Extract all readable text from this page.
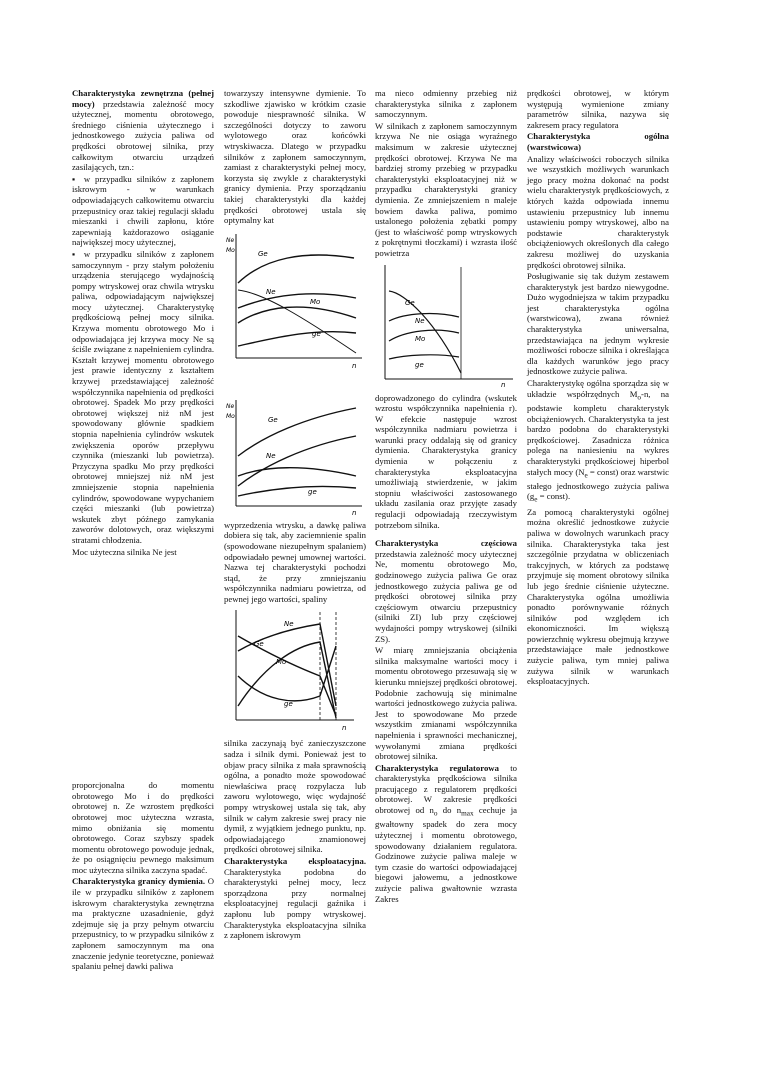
Charakterystyka zewnętrzna (pełnej mocy) przedstawia zależność mocy użytecznej, momentu obrotowego, średniego ciśnienia użytecznego i jednostkowego zużycia paliwa od prędkości obrotowej silnika, przy całkowitym otwarciu urządzeń zasilających, tzn.:

▪ w przypadku silników z zapłonem iskrowym - w warunkach odpowiadających całkowitemu otwarciu przepustnicy oraz takiej regulacji składu mieszanki i chwili zapłonu, które zapewniają każdorazowo osiąganie największej mocy użytecznej,

▪ w przypadku silników z zapłonem samoczynnym - przy stałym położeniu urządzenia sterującego wydajnością pompy wtryskowej oraz chwila wtrysku paliwa, odpowiadającym największej mocy użytecznej. Charakterystykę prędkościową pełnej mocy silnika. Krzywa momentu obrotowego Mo i odpowiadająca jej krzywa mocy Ne są ściśle związane z napełnieniem cylindra. Kształt krzywej momentu obrotowego jest prawie identyczny z kształtem krzywej przedstawiającej zależność współczynnika napełnienia od prędkości obrotowej. Spadek Mo przy prędkości obrotowej większej niż nM jest spowodowany głównie spadkiem stopnia napełnienia cylindrów wskutek zwiększenia oporów przepływu czynnika (mieszanki lub powietrza). Przyczyna spadku Mo przy prędkości obrotowej mniejszej niż nM jest zmniejszenie stopnia napełnienia cylindrów, spowodowane wypychaniem części mieszanki (lub powietrza) wskutek zbyt późnego zamykania zaworów dolotowych, oraz większymi stratami chłodzenia.

Moc użyteczna silnika Ne jest

proporcjonalna do momentu obrotowego Mo i do prędkości obrotowej n. Ze wzrostem prędkości obrotowej moc użyteczna wzrasta, mimo obniżania się momentu obrotowego. Coraz szybszy spadek momentu obrotowego powoduje jednak, że po osiągnięciu pewnego maksimum moc użyteczna silnika zaczyna spadać.

Charakterystyka granicy dymienia. O ile w przypadku silników z zapłonem iskrowym charakterystyka zewnętrzna ma praktyczne uzasadnienie, gdyż zdejmuje się ja przy pełnym otwarciu przepustnicy, to w przypadku silników z zapłonem samoczynnym ma ona znaczenie jedynie teoretyczne, ponieważ spalaniu pełnej dawki paliwa

towarzyszy intensywne dymienie. To szkodliwe zjawisko w krótkim czasie powoduje niesprawność silnika. W szczególności dotyczy to zaworu wylotowego oraz końcówki wtryskiwacza. Dlatego w przypadku silników z zapłonem samoczynnym, zamiast z charakterystyki pełnej mocy, korzysta się zwykle z charakterystyki granicy dymienia. Przy sporządzaniu takiej charakterystyki dla każdej prędkości obrotowej ustala się optymalny kat

Ge
Ne
Mo
ge
Ne
Mo
n
Ge
Ne
ge
Ne
Mo
n

wyprzedzenia wtrysku, a dawkę paliwa dobiera się tak, aby zaciemnienie spalin (spowodowane niezupełnym spalaniem) odpowiadało pewnej umownej wartości. Nazwa tej charakterystyki pochodzi stąd, że przy zmniejszaniu współczynnika nadmiaru powietrza, od pewnej jego wartości, spaliny

Ne
Ge
Mo
ge
n

silnika zaczynają być zanieczyszczone sadza i silnik dymi. Ponieważ jest to objaw pracy silnika z mała sprawnością ogólna, a ponadto może spowodować niewłaściwa pracę rozpylacza lub zaworu wylotowego, więc wydajność pompy wtryskowej ustala się tak, aby silnik w całym zakresie swej pracy nie dymił, z wyjątkiem jednego punktu, np. odpowiadającego znamionowej prędkości obrotowej silnika.

Charakterystyka eksploatacyjna. Charakterystyka podobna do charakterystyki pełnej mocy, lecz sporządzona przy normalnej eksploatacyjnej regulacji gaźnika i zapłonu lub pompy wtryskowej. Charakterystyka eksploatacyjna silnika z zapłonem iskrowym

ma nieco odmienny przebieg niż charakterystyka silnika z zapłonem samoczynnym.

W silnikach z zapłonem samoczynnym krzywa Ne nie osiąga wyraźnego maksimum w zakresie użytecznej prędkości obrotowej. Krzywa Ne ma bardziej stromy przebieg w przypadku charakterystyki eksploatacyjnej niż w przypadku charakterystyki granicy dymienia. Ze zmniejszeniem n maleje bowiem dawka paliwa, pomimo ustalonego położenia zębatki pompy (jest to właściwość pomp wtryskowych z pokrętnymi tłoczkami) i wzrasta ilość powietrza

Ge
Ne
Mo
ge
n

doprowadzonego do cylindra (wskutek wzrostu współczynnika napełnienia r). W efekcie następuje wzrost współczynnika nadmiaru powietrza i warunki pracy oddalają się od granicy dymienia. Charakterystyka granicy dymienia w połączeniu z charakterystyka eksploatacyjna umożliwiają stwierdzenie, w jakim stopniu właściwości zastosowanego układu zasilania oraz przyjęte zasady regulacji odpowiadają rzeczywistym potrzebom silnika.

Charakterystyka częściowa przedstawia zależność mocy użytecznej Ne, momentu obrotowego Mo, godzinowego zużycia paliwa Ge oraz jednostkowego zużycia paliwa ge od prędkości obrotowej silnika przy częściowym otwarciu przepustnicy (silniki ZI) lub przy częściowej wydajności pompy wtryskowej (silniki ZS).

W miarę zmniejszania obciążenia silnika maksymalne wartości mocy i momentu obrotowego przesuwają się w kierunku mniejszej prędkości obrotowej. Podobnie zachowują się minimalne wartości jednostkowego zużycia paliwa. Jest to spowodowane Mo przede wszystkim zmianami współczynnika napełnienia i sprawności mechanicznej, wywołanymi zmiana prędkości obrotowej silnika.

Charakterystyka regulatorowa to charakterystyka prędkościowa silnika pracującego z regulatorem prędkości obrotowej. W zakresie prędkości obrotowej od $n_o$ do $n_{max}$ cechuje ja gwałtowny spadek do zera mocy użytecznej i momentu obrotowego, spowodowany działaniem regulatora. Godzinowe zużycie paliwa maleje w tym czasie do wartości odpowiadającej biegowi jałowemu, a jednostkowe zużycie paliwa gwałtownie wzrasta Zakres

prędkości obrotowej, w którym występują wymienione zmiany parametrów silnika, nazywa się zakresem pracy regulatora

Charakterystyka ogólna (warstwicowa)

Analizy właściwości roboczych silnika we wszystkich możliwych warunkach jego pracy można dokonać na podst wielu charakterystyk prędkościowych, z których każda odpowiada innemu ustawieniu przepustnicy lub innemu ustawieniu pompy wtryskowej, albo na podstawie charakterystyk obciążeniowych określonych dla całego zakresu możliwej do uzyskania prędkości obrotowej silnika.

Posługiwanie się tak dużym zestawem charakterystyk jest bardzo niewygodne. Dużo wygodniejsza w takim przypadku jest charakterystyka ogólna (warstwicowa), zwana również charakterystyka uniwersalna, przedstawiająca na jednym wykresie możliwości robocze silnika i określająca dla każdych warunków jego pracy jednostkowe zużycie paliwa.

Charakterystykę ogólna sporządza się w układzie współrzędnych $M_o-n$, na podstawie kompletu charakterystyk obciążeniowych. Charakterystyka ta jest bardzo podobna do charakterystyki prędkościowej. Zasadnicza różnica polega na naniesieniu na wykres charakterystyki prędkościowej hiperbol stałych mocy ($N_e$ = const) oraz warstwic stałego jednostkowego zużycia paliwa ($g_e$ = const).

Za pomocą charakterystyki ogólnej można określić jednostkowe zużycie paliwa w dowolnych warunkach pracy silnika. Charakterystyka taka jest szczególnie przydatna w obliczeniach trakcyjnych, w których za podstawę przyjmuje się moment obrotowy silnika lub jego średnie ciśnienie użyteczne. Charakterystyka ogólna umożliwia ponadto porównywanie różnych silników pod względem ich ekonomiczności. Im większą powierzchnię wykresu obejmują krzywe przedstawiające małe jednostkowe zużycie paliwa, tym mniej paliwa zużywa silnik w warunkach eksploatacyjnych.
